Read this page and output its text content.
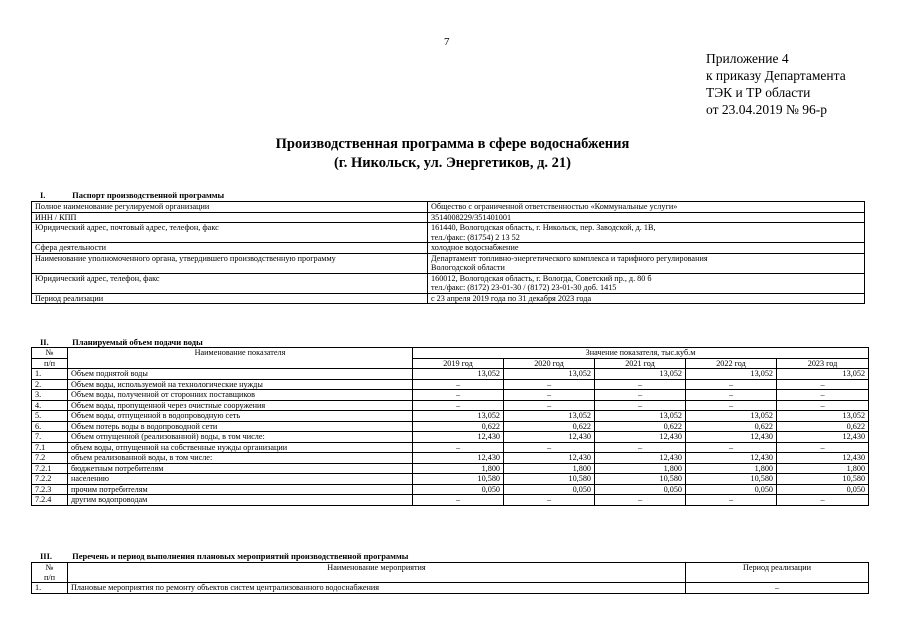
7
Приложение 4
к приказу Департамента
ТЭК и ТР области
от 23.04.2019 № 96-р
Производственная программа в сфере водоснабжения
(г. Никольск, ул. Энергетиков, д. 21)
I.	Паспорт производственной программы
Полное наименование регулируемой организации	Общество с ограниченной ответственностью «Коммунальные услуги»

ИНН / КПП	3514008229/351401001

Юридический адрес, почтовый адрес, телефон, факс	161440, Вологодская область, г. Никольск, пер. Заводской, д. 1В,
тел./факс: (81754) 2 13 52

Сфера деятельности	холодное водоснабжение

Наименование уполномоченного органа, утвердившего производственную программу	Департамент топливно-энергетического комплекса и тарифного регулирования
Вологодской области

Юридический адрес, телефон, факс	160012, Вологодская область, г. Вологда, Советский пр., д. 80 б
тел./факс: (8172) 23-01-30 / (8172) 23-01-30 доб. 1415

Период реализации	с 23 апреля 2019 года по 31 декабря 2023 года
II.	Планируемый объем подачи воды
№	Наименование показателя	Значение показателя, тыс.куб.м				
п/п		2019 год	2020 год	2021 год	2022 год	2023 год
1.	Объем поднятой воды	13,052	13,052	13,052	13,052	13,052
2.	Объем воды, используемой на технологические нужды	–	–	–	–	–
3.	Объем воды, полученной от сторонних поставщиков	–	–	–	–	–
4.	Объем воды, пропущенной через очистные сооружения	–	–	–	–	–
5.	Объем воды, отпущенной в водопроводную сеть	13,052	13,052	13,052	13,052	13,052
6.	Объем потерь воды в водопроводной сети	0,622	0,622	0,622	0,622	0,622
7.	Объем отпущенной (реализованной) воды, в том числе:	12,430	12,430	12,430	12,430	12,430
7.1	объем воды, отпущенной на собственные нужды организации	–	–	–	–	–
7.2	объем реализованной воды, в том числе:	12,430	12,430	12,430	12,430	12,430
7.2.1	бюджетным потребителям	1,800	1,800	1,800	1,800	1,800
7.2.2	населению	10,580	10,580	10,580	10,580	10,580
7.2.3	прочим потребителям	0,050	0,050	0,050	0,050	0,050
7.2.4	другим водопроводам	–	–	–	–	–
III. Перечень и период выполнения плановых мероприятий производственной программы
№
п/п	Наименование мероприятия	Период реализации
1.	Плановые мероприятия по ремонту объектов систем централизованного водоснабжения	–
